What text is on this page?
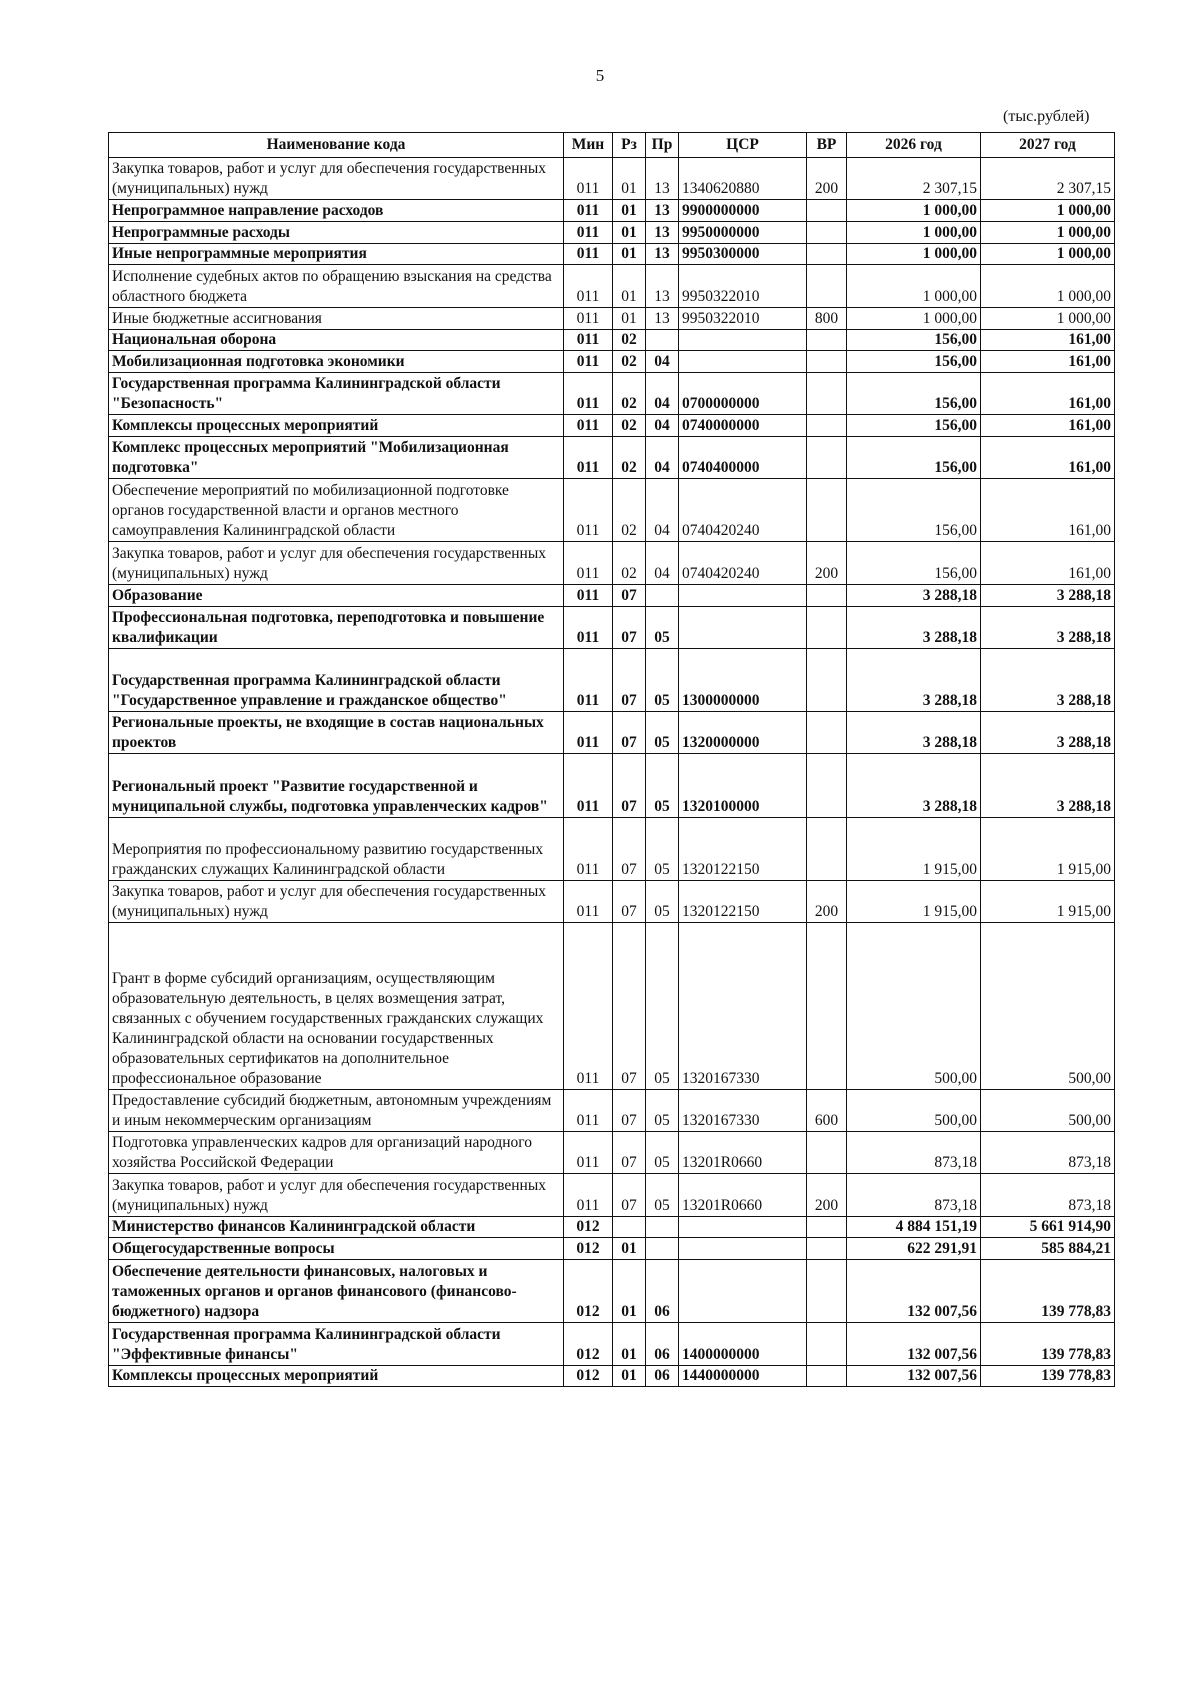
5
(тыс.рублей)
Наименование кода	Мин	Рз	Пр	ЦСР	ВР	2026 год	2027 год
Закупка товаров, работ и услуг для обеспечения государственных (муниципальных) нужд	011	01	13	1340620880	200	2 307,15	2 307,15
Непрограммное направление расходов	011	01	13	9900000000		1 000,00	1 000,00
Непрограммные расходы	011	01	13	9950000000		1 000,00	1 000,00
Иные непрограммные мероприятия	011	01	13	9950300000		1 000,00	1 000,00
Исполнение судебных актов по обращению взыскания на средства областного бюджета	011	01	13	9950322010		1 000,00	1 000,00
Иные бюджетные ассигнования	011	01	13	9950322010	800	1 000,00	1 000,00
Национальная оборона	011	02				156,00	161,00
Мобилизационная подготовка экономики	011	02	04			156,00	161,00
Государственная программа Калининградской области "Безопасность"	011	02	04	0700000000		156,00	161,00
Комплексы процессных мероприятий	011	02	04	0740000000		156,00	161,00
Комплекс процессных мероприятий "Мобилизационная подготовка"	011	02	04	0740400000		156,00	161,00
Обеспечение мероприятий по мобилизационной подготовке органов государственной власти и органов местного самоуправления Калининградской области	011	02	04	0740420240		156,00	161,00
Закупка товаров, работ и услуг для обеспечения государственных (муниципальных) нужд	011	02	04	0740420240	200	156,00	161,00
Образование	011	07				3 288,18	3 288,18
Профессиональная подготовка, переподготовка и повышение квалификации	011	07	05			3 288,18	3 288,18
Государственная программа Калининградской области "Государственное управление и гражданское общество"	011	07	05	1300000000		3 288,18	3 288,18
Региональные проекты, не входящие в состав национальных проектов	011	07	05	1320000000		3 288,18	3 288,18
Региональный проект "Развитие государственной и муниципальной службы, подготовка управленческих кадров"	011	07	05	1320100000		3 288,18	3 288,18
Мероприятия по профессиональному развитию государственных гражданских служащих Калининградской области	011	07	05	1320122150		1 915,00	1 915,00
Закупка товаров, работ и услуг для обеспечения государственных (муниципальных) нужд	011	07	05	1320122150	200	1 915,00	1 915,00
Грант в форме субсидий организациям, осуществляющим образовательную деятельность, в целях возмещения затрат, связанных с обучением государственных гражданских служащих Калининградской области на основании государственных образовательных сертификатов на дополнительное профессиональное образование	011	07	05	1320167330		500,00	500,00
Предоставление субсидий бюджетным, автономным учреждениям и иным некоммерческим организациям	011	07	05	1320167330	600	500,00	500,00
Подготовка управленческих кадров для организаций народного хозяйства Российской Федерации	011	07	05	13201R0660		873,18	873,18
Закупка товаров, работ и услуг для обеспечения государственных (муниципальных) нужд	011	07	05	13201R0660	200	873,18	873,18
Министерство финансов Калининградской области	012					4 884 151,19	5 661 914,90
Общегосударственные вопросы	012	01				622 291,91	585 884,21
Обеспечение деятельности финансовых, налоговых и таможенных органов и органов финансового (финансово-бюджетного) надзора	012	01	06			132 007,56	139 778,83
Государственная программа Калининградской области "Эффективные финансы"	012	01	06	1400000000		132 007,56	139 778,83
Комплексы процессных мероприятий	012	01	06	1440000000		132 007,56	139 778,83
